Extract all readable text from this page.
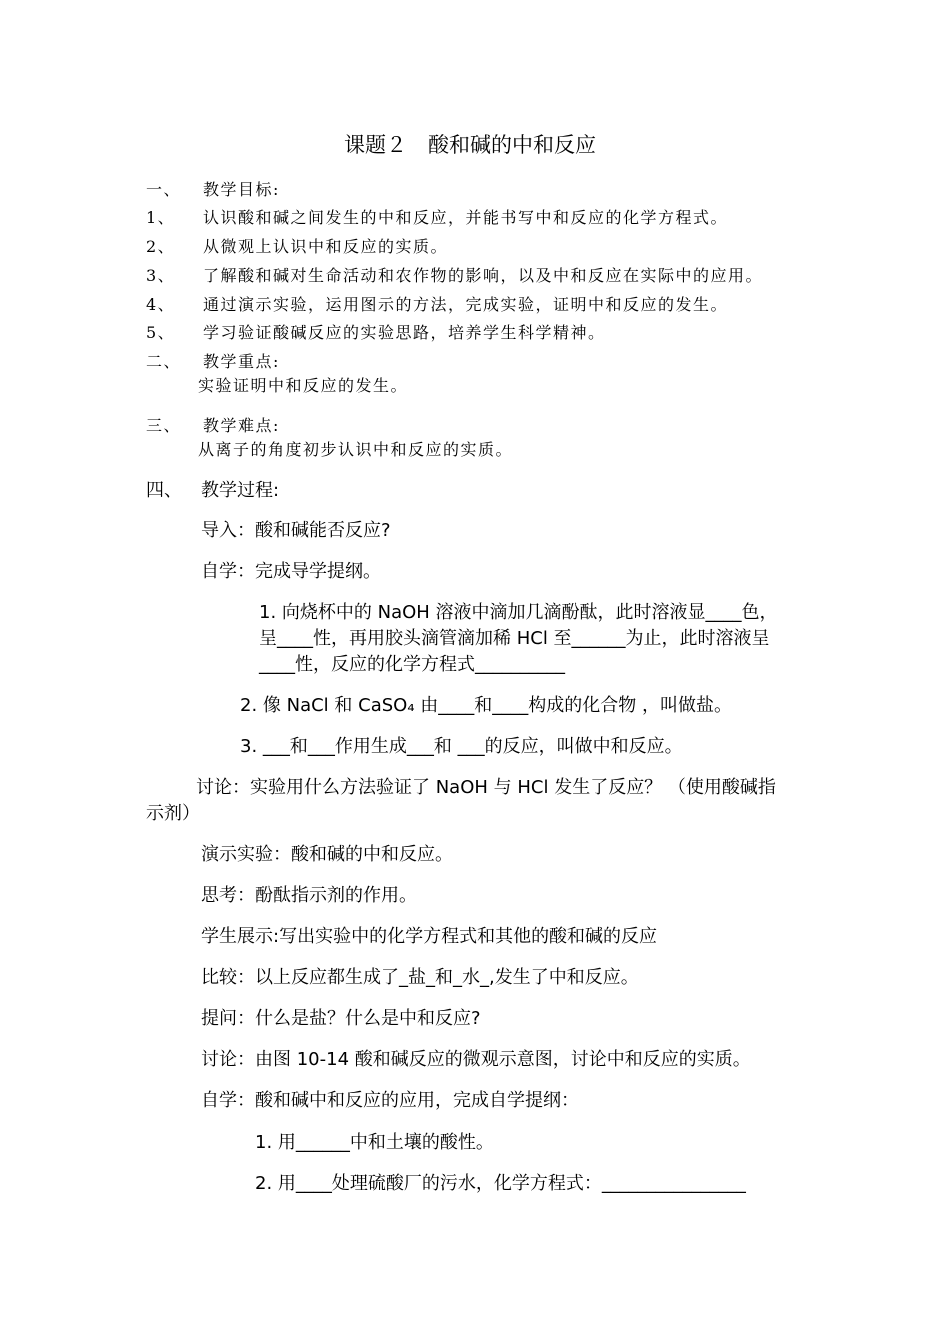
课题２　酸和碱的中和反应
一、 教学目标:
1、 认识酸和碱之间发生的中和反应，并能书写中和反应的化学方程式。
2、 从微观上认识中和反应的实质。
3、 了解酸和碱对生命活动和农作物的影响，以及中和反应在实际中的应用。
4、 通过演示实验，运用图示的方法，完成实验，证明中和反应的发生。
5、 学习验证酸碱反应的实验思路，培养学生科学精神。
二、 教学重点:
实验证明中和反应的发生。
三、 教学难点:
从离子的角度初步认识中和反应的实质。
四、 教学过程:
导入：酸和碱能否反应?
自学：完成导学提纲。
1. 向烧杯中的 NaOH 溶液中滴加几滴酚酞，此时溶液显____色，
呈____性，再用胶头滴管滴加稀 HCl 至______为止，此时溶液呈
____性，反应的化学方程式__________
2. 像 NaCl 和 CaSO₄ 由____和____构成的化合物 ，叫做盐。
3. ___和___作用生成___和 ___的反应，叫做中和反应。
讨论：实验用什么方法验证了 NaOH 与 HCl 发生了反应？ （使用酸碱指
示剂）
演示实验：酸和碱的中和反应。
思考：酚酞指示剂的作用。
学生展示:写出实验中的化学方程式和其他的酸和碱的反应
比较：以上反应都生成了_盐_和_水_,发生了中和反应。
提问：什么是盐？什么是中和反应?
讨论：由图 10-14 酸和碱反应的微观示意图，讨论中和反应的实质。
自学：酸和碱中和反应的应用，完成自学提纲：
1. 用______中和土壤的酸性。
2. 用____处理硫酸厂的污水，化学方程式：________________
